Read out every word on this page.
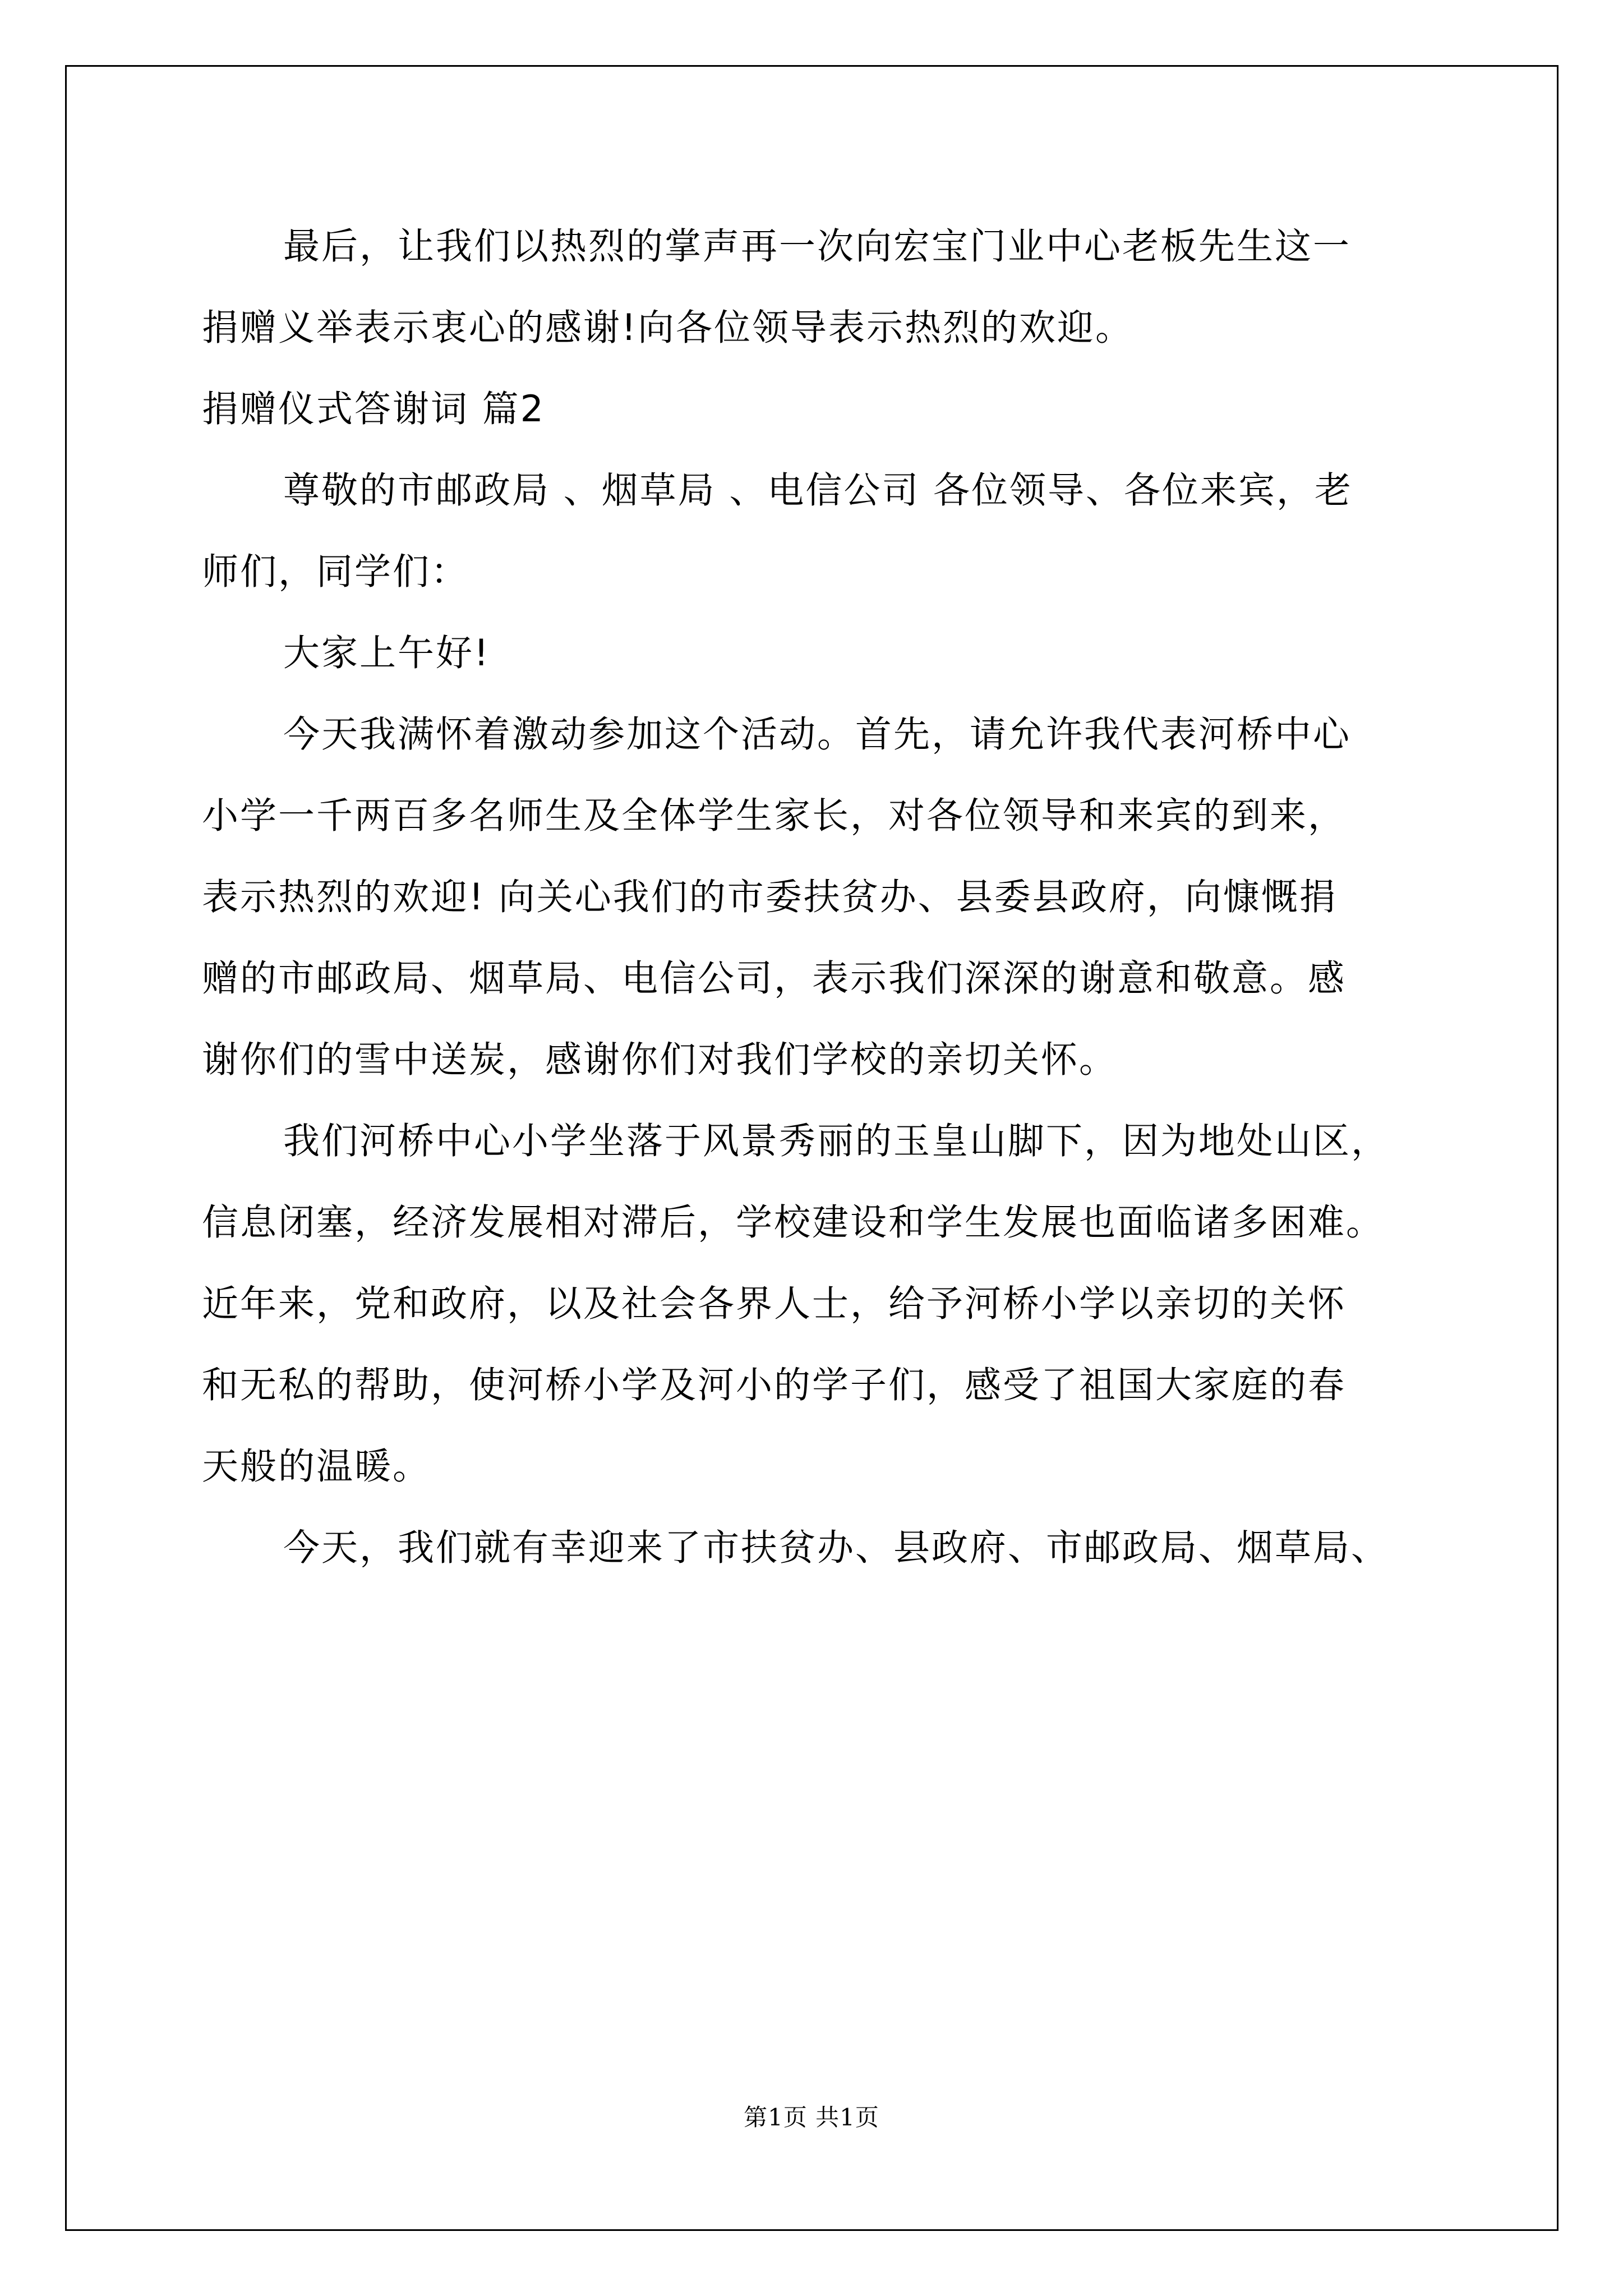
最后，让我们以热烈的掌声再一次向宏宝门业中心老板先生这一
捐赠义举表示衷心的感谢!向各位领导表示热烈的欢迎。
捐赠仪式答谢词 篇2
尊敬的市邮政局 、烟草局 、电信公司 各位领导、各位来宾，老
师们，同学们：
大家上午好!
今天我满怀着激动参加这个活动。首先，请允许我代表河桥中心
小学一千两百多名师生及全体学生家长，对各位领导和来宾的到来，
表示热烈的欢迎! 向关心我们的市委扶贫办、县委县政府，向慷慨捐
赠的市邮政局、烟草局、电信公司，表示我们深深的谢意和敬意。感
谢你们的雪中送炭，感谢你们对我们学校的亲切关怀。
我们河桥中心小学坐落于风景秀丽的玉皇山脚下，因为地处山区，
信息闭塞，经济发展相对滞后，学校建设和学生发展也面临诸多困难。
近年来，党和政府，以及社会各界人士，给予河桥小学以亲切的关怀
和无私的帮助，使河桥小学及河小的学子们，感受了祖国大家庭的春
天般的温暖。
今天，我们就有幸迎来了市扶贫办、县政府、市邮政局、烟草局、
第1页 共1页
